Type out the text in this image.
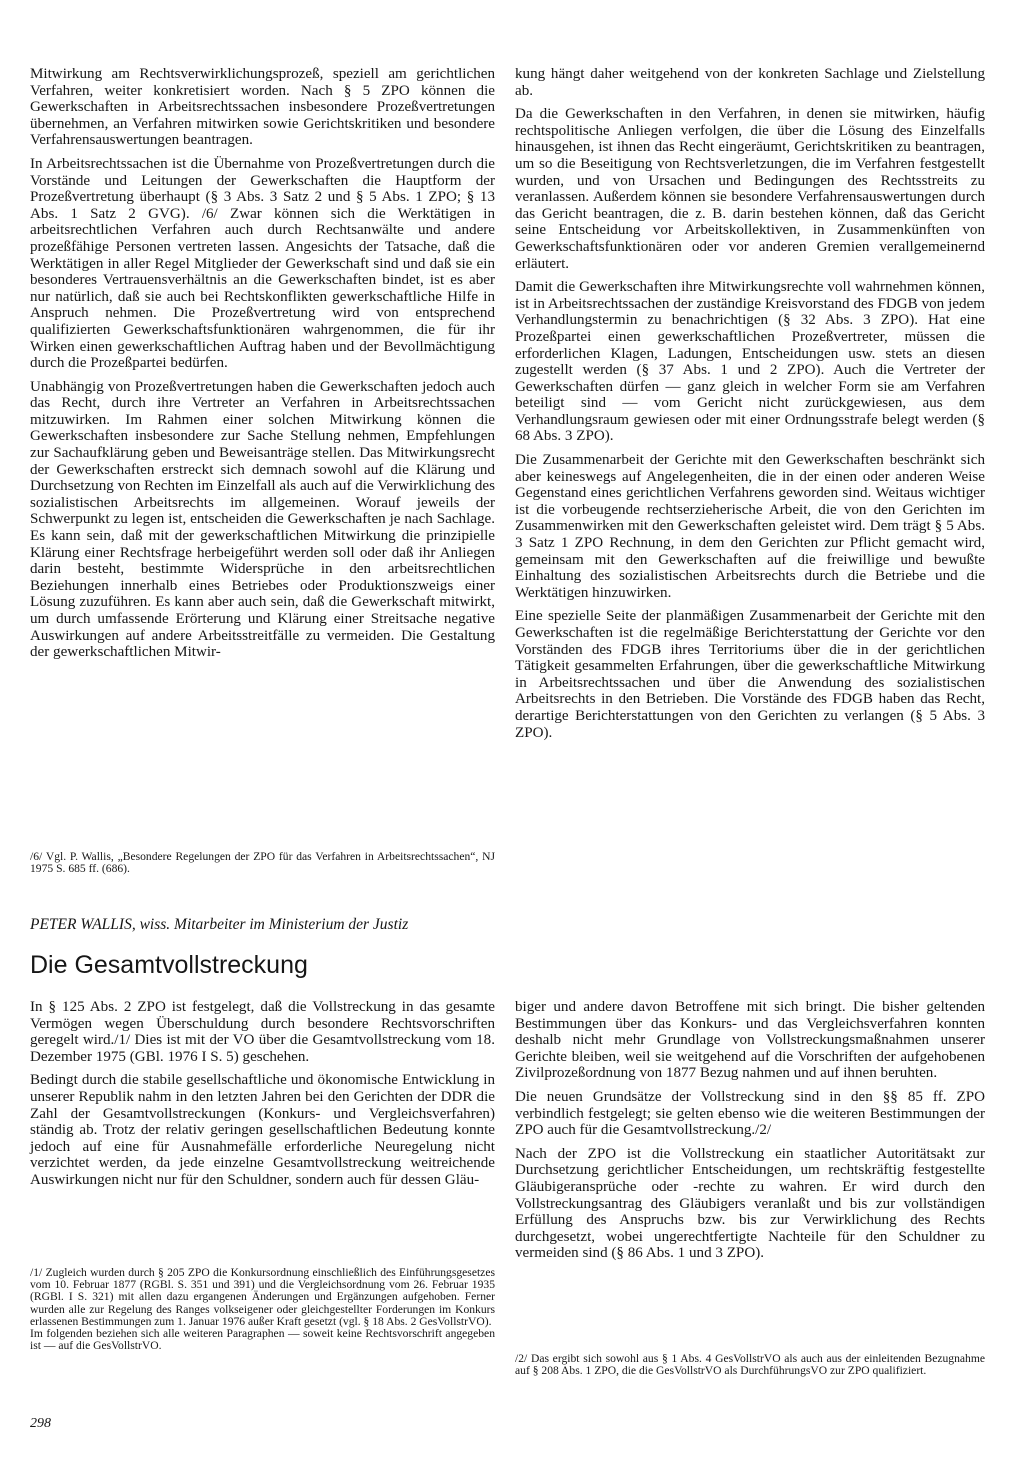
Mitwirkung am Rechtsverwirklichungsprozeß, speziell am gerichtlichen Verfahren, weiter konkretisiert worden. Nach § 5 ZPO können die Gewerkschaften in Arbeitsrechtssachen insbesondere Prozeßvertretungen übernehmen, an Verfahren mitwirken sowie Gerichtskritiken und besondere Verfahrensauswertungen beantragen.

In Arbeitsrechtssachen ist die Übernahme von Prozeßvertretungen durch die Vorstände und Leitungen der Gewerkschaften die Hauptform der Prozeßvertretung überhaupt (§ 3 Abs. 3 Satz 2 und § 5 Abs. 1 ZPO; § 13 Abs. 1 Satz 2 GVG). /6/ Zwar können sich die Werktätigen in arbeitsrechtlichen Verfahren auch durch Rechtsanwälte und andere prozeßfähige Personen vertreten lassen. Angesichts der Tatsache, daß die Werktätigen in aller Regel Mitglieder der Gewerkschaft sind und daß sie ein besonderes Vertrauensverhältnis an die Gewerkschaften bindet, ist es aber nur natürlich, daß sie auch bei Rechtskonflikten gewerkschaftliche Hilfe in Anspruch nehmen. Die Prozeßvertretung wird von entsprechend qualifizierten Gewerkschaftsfunktionären wahrgenommen, die für ihr Wirken einen gewerkschaftlichen Auftrag haben und der Bevollmächtigung durch die Prozeßpartei bedürfen.

Unabhängig von Prozeßvertretungen haben die Gewerkschaften jedoch auch das Recht, durch ihre Vertreter an Verfahren in Arbeitsrechtssachen mitzuwirken. Im Rahmen einer solchen Mitwirkung können die Gewerkschaften insbesondere zur Sache Stellung nehmen, Empfehlungen zur Sachaufklärung geben und Beweisanträge stellen. Das Mitwirkungsrecht der Gewerkschaften erstreckt sich demnach sowohl auf die Klärung und Durchsetzung von Rechten im Einzelfall als auch auf die Verwirklichung des sozialistischen Arbeitsrechts im allgemeinen. Worauf jeweils der Schwerpunkt zu legen ist, entscheiden die Gewerkschaften je nach Sachlage. Es kann sein, daß mit der gewerkschaftlichen Mitwirkung die prinzipielle Klärung einer Rechtsfrage herbeigeführt werden soll oder daß ihr Anliegen darin besteht, bestimmte Widersprüche in den arbeitsrechtlichen Beziehungen innerhalb eines Betriebes oder Produktionszweigs einer Lösung zuzuführen. Es kann aber auch sein, daß die Gewerkschaft mitwirkt, um durch umfassende Erörterung und Klärung einer Streitsache negative Auswirkungen auf andere Arbeitsstreitfälle zu vermeiden. Die Gestaltung der gewerkschaftlichen Mitwir-

/6/ Vgl. P. Wallis, „Besondere Regelungen der ZPO für das Verfahren in Arbeitsrechtssachen“, NJ 1975 S. 685 ff. (686).

kung hängt daher weitgehend von der konkreten Sachlage und Zielstellung ab.

Da die Gewerkschaften in den Verfahren, in denen sie mitwirken, häufig rechtspolitische Anliegen verfolgen, die über die Lösung des Einzelfalls hinausgehen, ist ihnen das Recht eingeräumt, Gerichtskritiken zu beantragen, um so die Beseitigung von Rechtsverletzungen, die im Verfahren festgestellt wurden, und von Ursachen und Bedingungen des Rechtsstreits zu veranlassen. Außerdem können sie besondere Verfahrensauswertungen durch das Gericht beantragen, die z. B. darin bestehen können, daß das Gericht seine Entscheidung vor Arbeitskollektiven, in Zusammenkünften von Gewerkschaftsfunktionären oder vor anderen Gremien verallgemeinernd erläutert.

Damit die Gewerkschaften ihre Mitwirkungsrechte voll wahrnehmen können, ist in Arbeitsrechtssachen der zuständige Kreisvorstand des FDGB von jedem Verhandlungstermin zu benachrichtigen (§ 32 Abs. 3 ZPO). Hat eine Prozeßpartei einen gewerkschaftlichen Prozeßvertreter, müssen die erforderlichen Klagen, Ladungen, Entscheidungen usw. stets an diesen zugestellt werden (§ 37 Abs. 1 und 2 ZPO). Auch die Vertreter der Gewerkschaften dürfen — ganz gleich in welcher Form sie am Verfahren beteiligt sind — vom Gericht nicht zurückgewiesen, aus dem Verhandlungsraum gewiesen oder mit einer Ordnungsstrafe belegt werden (§ 68 Abs. 3 ZPO).

Die Zusammenarbeit der Gerichte mit den Gewerkschaften beschränkt sich aber keineswegs auf Angelegenheiten, die in der einen oder anderen Weise Gegenstand eines gerichtlichen Verfahrens geworden sind. Weitaus wichtiger ist die vorbeugende rechtserzieherische Arbeit, die von den Gerichten im Zusammenwirken mit den Gewerkschaften geleistet wird. Dem trägt § 5 Abs. 3 Satz 1 ZPO Rechnung, in dem den Gerichten zur Pflicht gemacht wird, gemeinsam mit den Gewerkschaften auf die freiwillige und bewußte Einhaltung des sozialistischen Arbeitsrechts durch die Betriebe und die Werktätigen hinzuwirken.

Eine spezielle Seite der planmäßigen Zusammenarbeit der Gerichte mit den Gewerkschaften ist die regelmäßige Berichterstattung der Gerichte vor den Vorständen des FDGB ihres Territoriums über die in der gerichtlichen Tätigkeit gesammelten Erfahrungen, über die gewerkschaftliche Mitwirkung in Arbeitsrechtssachen und über die Anwendung des sozialistischen Arbeitsrechts in den Betrieben. Die Vorstände des FDGB haben das Recht, derartige Berichterstattungen von den Gerichten zu verlangen (§ 5 Abs. 3 ZPO).

PETER WALLIS, wiss. Mitarbeiter im Ministerium der Justiz

Die Gesamtvollstreckung

In § 125 Abs. 2 ZPO ist festgelegt, daß die Vollstreckung in das gesamte Vermögen wegen Überschuldung durch besondere Rechtsvorschriften geregelt wird./1/ Dies ist mit der VO über die Gesamtvollstreckung vom 18. Dezember 1975 (GBl. 1976 I S. 5) geschehen.

Bedingt durch die stabile gesellschaftliche und ökonomische Entwicklung in unserer Republik nahm in den letzten Jahren bei den Gerichten der DDR die Zahl der Gesamtvollstreckungen (Konkurs- und Vergleichsverfahren) ständig ab. Trotz der relativ geringen gesellschaftlichen Bedeutung konnte jedoch auf eine für Ausnahmefälle erforderliche Neuregelung nicht verzichtet werden, da jede einzelne Gesamtvollstreckung weitreichende Auswirkungen nicht nur für den Schuldner, sondern auch für dessen Gläu-

/1/ Zugleich wurden durch § 205 ZPO die Konkursordnung einschließlich des Einführungsgesetzes vom 10. Februar 1877 (RGBl. S. 351 und 391) und die Vergleichsordnung vom 26. Februar 1935 (RGBl. I S. 321) mit allen dazu ergangenen Änderungen und Ergänzungen aufgehoben. Ferner wurden alle zur Regelung des Ranges volkseigener oder gleichgestellter Forderungen im Konkurs erlassenen Bestimmungen zum 1. Januar 1976 außer Kraft gesetzt (vgl. § 18 Abs. 2 GesVollstrVO).

Im folgenden beziehen sich alle weiteren Paragraphen — soweit keine Rechtsvorschrift angegeben ist — auf die GesVollstrVO.

biger und andere davon Betroffene mit sich bringt. Die bisher geltenden Bestimmungen über das Konkurs- und das Vergleichsverfahren konnten deshalb nicht mehr Grundlage von Vollstreckungsmaßnahmen unserer Gerichte bleiben, weil sie weitgehend auf die Vorschriften der aufgehobenen Zivilprozeßordnung von 1877 Bezug nahmen und auf ihnen beruhten.

Die neuen Grundsätze der Vollstreckung sind in den §§ 85 ff. ZPO verbindlich festgelegt; sie gelten ebenso wie die weiteren Bestimmungen der ZPO auch für die Gesamtvollstreckung./2/

Nach der ZPO ist die Vollstreckung ein staatlicher Autoritätsakt zur Durchsetzung gerichtlicher Entscheidungen, um rechtskräftig festgestellte Gläubigeransprüche oder -rechte zu wahren. Er wird durch den Vollstreckungsantrag des Gläubigers veranlaßt und bis zur vollständigen Erfüllung des Anspruchs bzw. bis zur Verwirklichung des Rechts durchgesetzt, wobei ungerechtfertigte Nachteile für den Schuldner zu vermeiden sind (§ 86 Abs. 1 und 3 ZPO).

/2/ Das ergibt sich sowohl aus § 1 Abs. 4 GesVollstrVO als auch aus der einleitenden Bezugnahme auf § 208 Abs. 1 ZPO, die die GesVollstrVO als DurchführungsVO zur ZPO qualifiziert.

298
